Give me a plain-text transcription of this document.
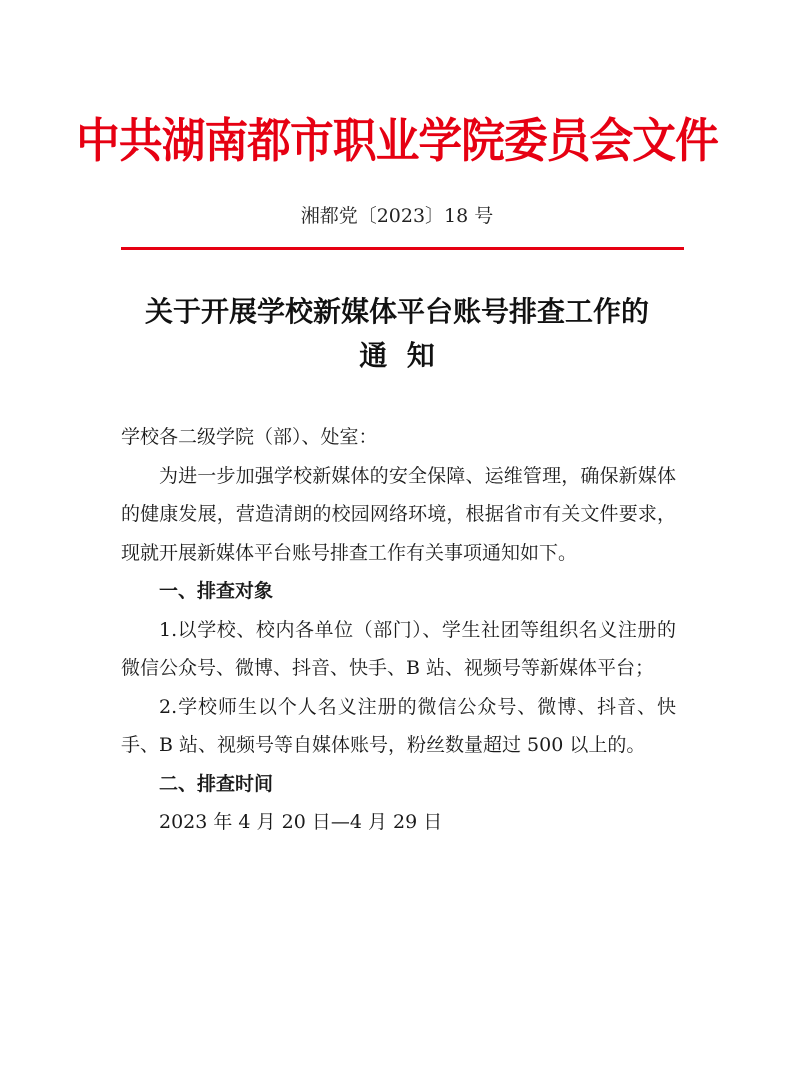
中共湖南都市职业学院委员会文件
湘都党〔2023〕18 号
关于开展学校新媒体平台账号排查工作的
通  知

学校各二级学院（部）、处室：

为进一步加强学校新媒体的安全保障、运维管理，确保新媒体的健康发展，营造清朗的校园网络环境，根据省市有关文件要求，现就开展新媒体平台账号排查工作有关事项通知如下。

一、排查对象

1.以学校、校内各单位（部门）、学生社团等组织名义注册的微信公众号、微博、抖音、快手、B 站、视频号等新媒体平台；

2.学校师生以个人名义注册的微信公众号、微博、抖音、快手、B 站、视频号等自媒体账号，粉丝数量超过 500 以上的。

二、排查时间

2023 年 4 月 20 日—4 月 29 日
